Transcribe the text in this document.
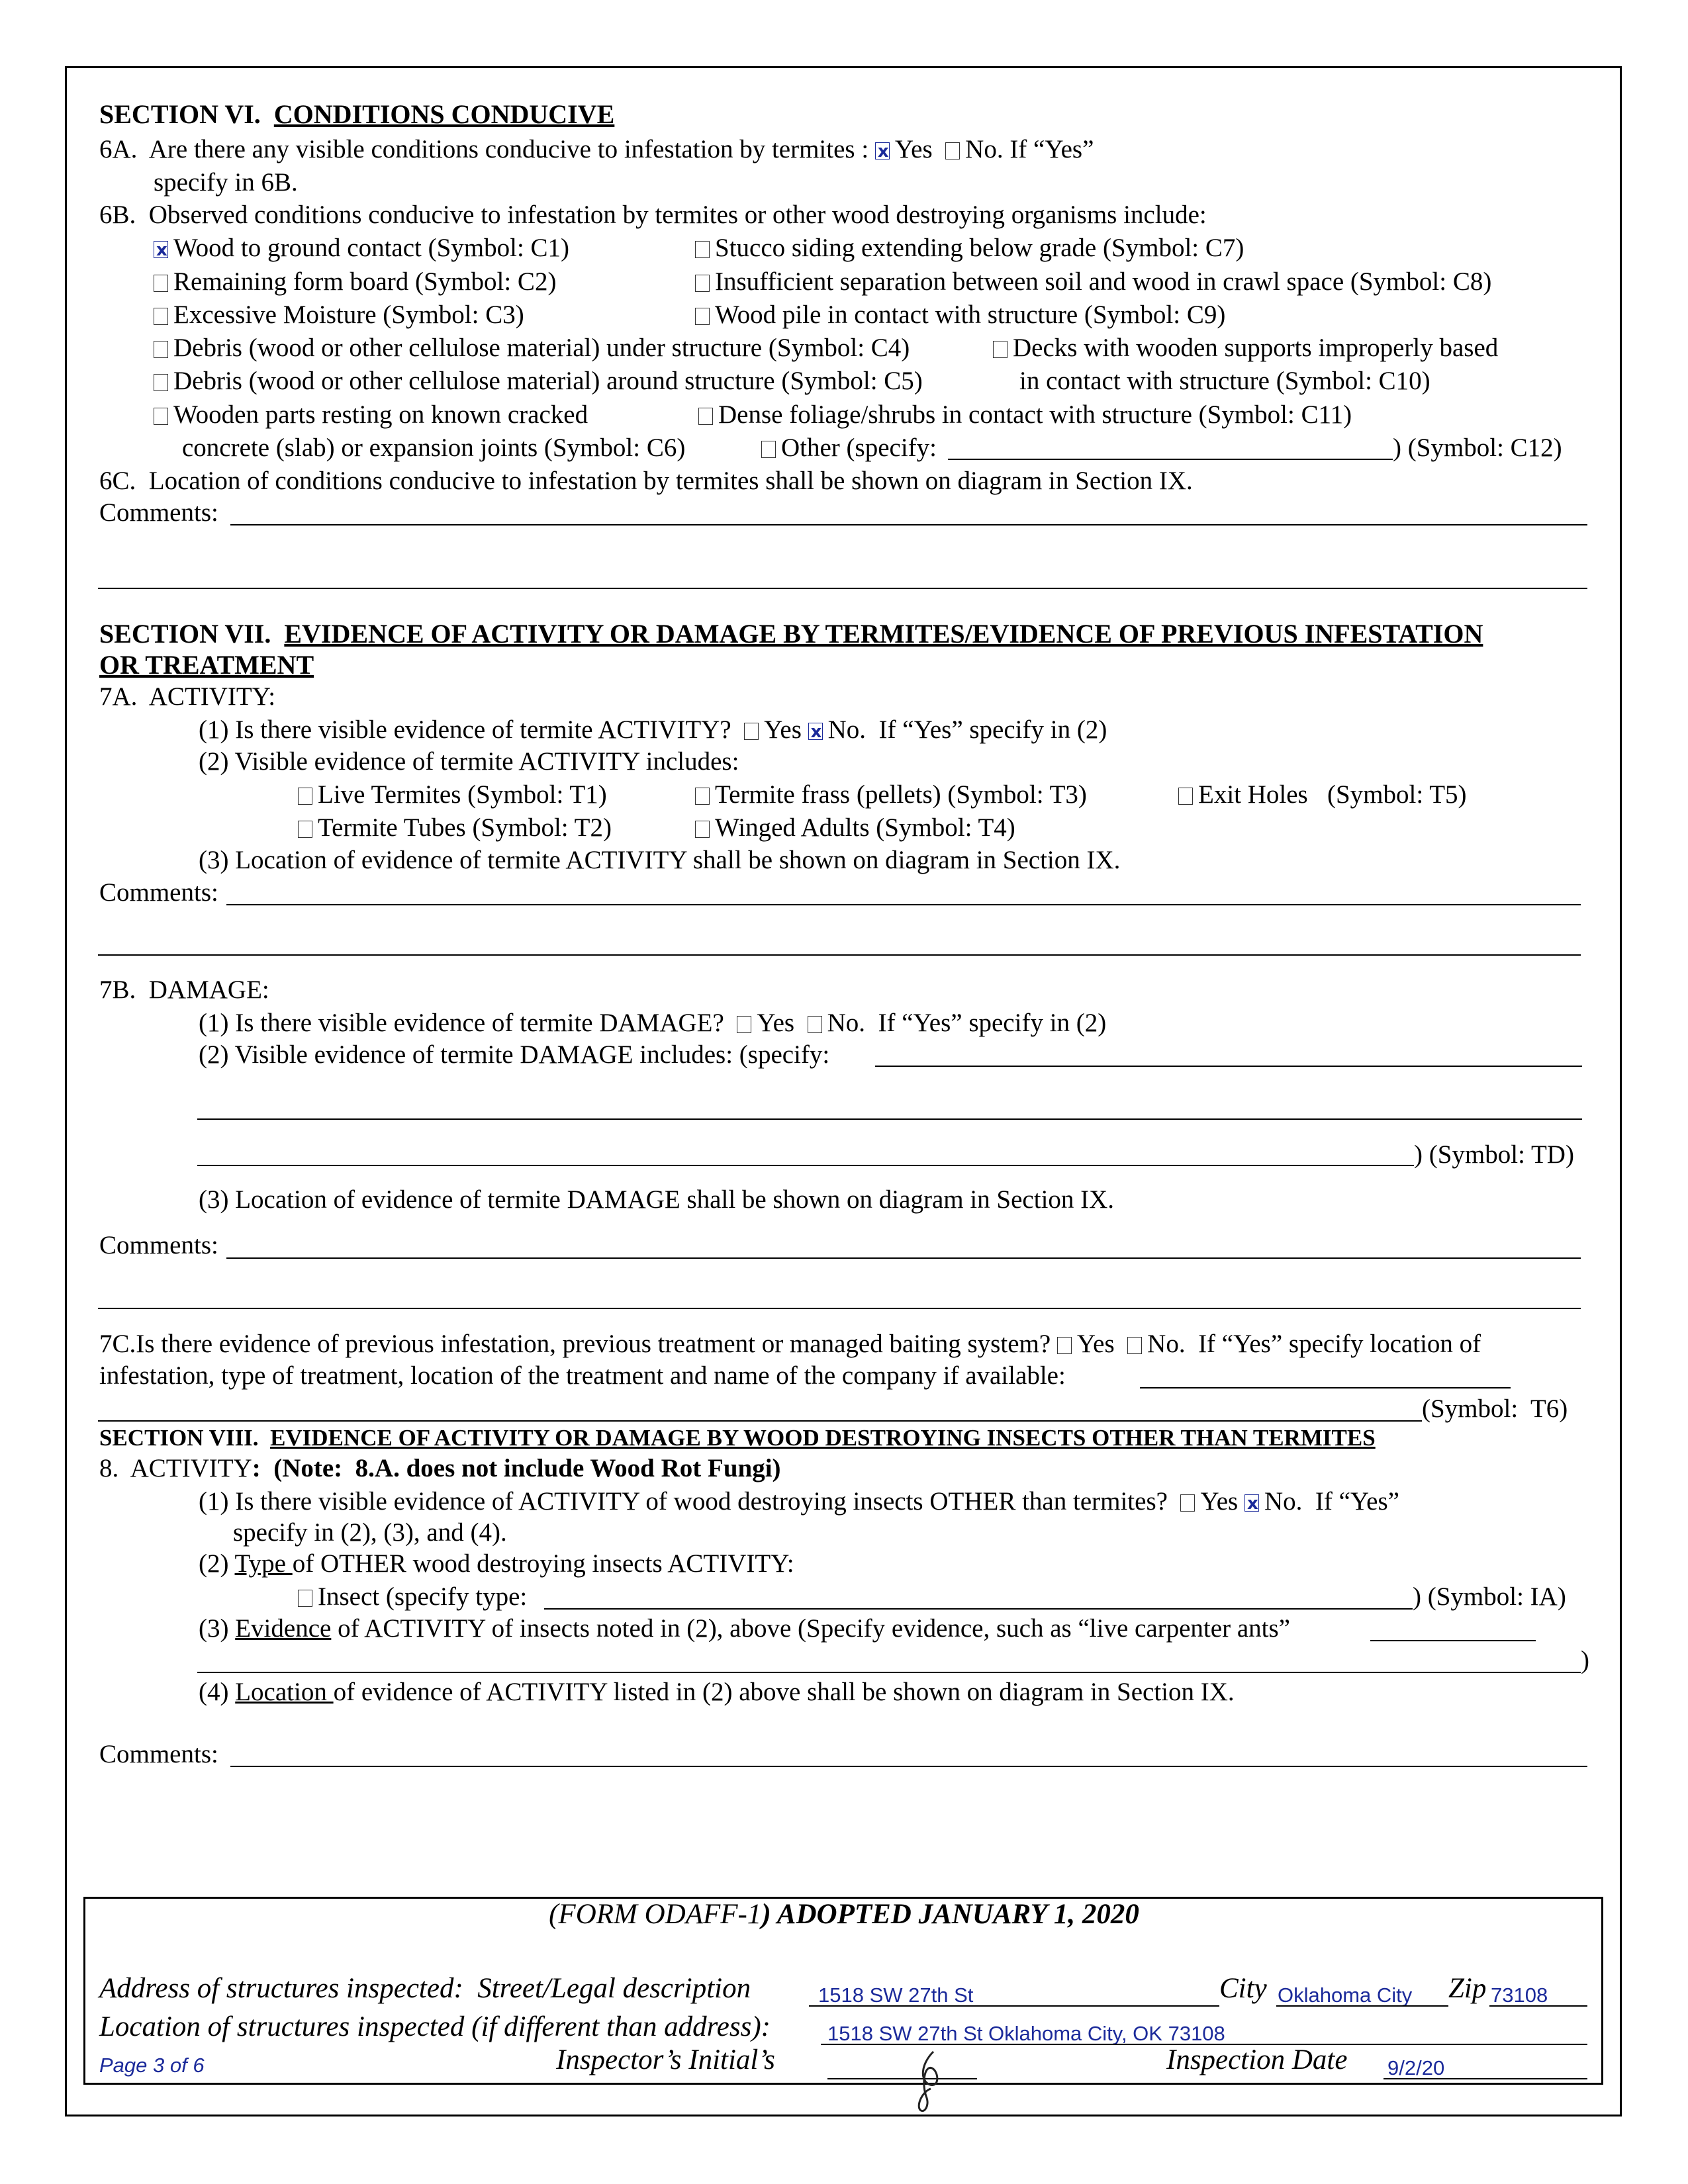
SECTION VI.  CONDITIONS CONDUCIVE
6A.  Are there any visible conditions conducive to infestation by termites :  xYes No. If “Yes”
specify in 6B.
6B.  Observed conditions conducive to infestation by termites or other wood destroying organisms include:
xWood to ground contact (Symbol: C1)	Stucco siding extending below grade (Symbol: C7)
Remaining form board (Symbol: C2)	Insufficient separation between soil and wood in crawl space (Symbol: C8)
Excessive Moisture (Symbol: C3)	Wood pile in contact with structure (Symbol: C9)
Debris (wood or other cellulose material) under structure (Symbol: C4)	Decks with wooden supports improperly based
Debris (wood or other cellulose material) around structure (Symbol: C5)	in contact with structure (Symbol: C10)
Wooden parts resting on known cracked	Dense foliage/shrubs in contact with structure (Symbol: C11)
concrete (slab) or expansion joints (Symbol: C6)	Other (specify:	) (Symbol: C12)
6C.  Location of conditions conducive to infestation by termites shall be shown on diagram in Section IX.
Comments:
SECTION VII.  EVIDENCE OF ACTIVITY OR DAMAGE BY TERMITES/EVIDENCE OF PREVIOUS INFESTATION
OR TREATMENT
7A.  ACTIVITY:
(1) Is there visible evidence of termite ACTIVITY? Yes x No.  If “Yes” specify in (2)
(2) Visible evidence of termite ACTIVITY includes:
Live Termites (Symbol: T1)	Termite frass (pellets) (Symbol: T3)	Exit Holes   (Symbol: T5)
Termite Tubes (Symbol: T2)	Winged Adults (Symbol: T4)
(3) Location of evidence of termite ACTIVITY shall be shown on diagram in Section IX.
Comments:
7B.  DAMAGE:
(1) Is there visible evidence of termite DAMAGE? Yes No.  If “Yes” specify in (2)
(2) Visible evidence of termite DAMAGE includes: (specify:
) (Symbol: TD)
(3) Location of evidence of termite DAMAGE shall be shown on diagram in Section IX.
Comments:
7C.Is there evidence of previous infestation, previous treatment or managed baiting system? Yes No.  If “Yes” specify location of
infestation, type of treatment, location of the treatment and name of the company if available:
(Symbol:  T6)
SECTION VIII.  EVIDENCE OF ACTIVITY OR DAMAGE BY WOOD DESTROYING INSECTS OTHER THAN TERMITES
8.  ACTIVITY:  (Note:  8.A. does not include Wood Rot Fungi)
(1) Is there visible evidence of ACTIVITY of wood destroying insects OTHER than termites? Yes x No.  If “Yes”
specify in (2), (3), and (4).
(2) Type of OTHER wood destroying insects ACTIVITY:
Insect (specify type:	) (Symbol: IA)
(3) Evidence of ACTIVITY of insects noted in (2), above (Specify evidence, such as “live carpenter ants”
)
(4) Location of evidence of ACTIVITY listed in (2) above shall be shown on diagram in Section IX.
Comments:
(FORM ODAFF-1) ADOPTED JANUARY 1, 2020
Address of structures inspected:  Street/Legal description	1518 SW 27th St	City Oklahoma City Zip 73108
Location of structures inspected (if different than address):	1518 SW 27th St Oklahoma City, OK 73108
Page 3 of 6	Inspector’s Initial’s	Inspection Date 9/2/20
